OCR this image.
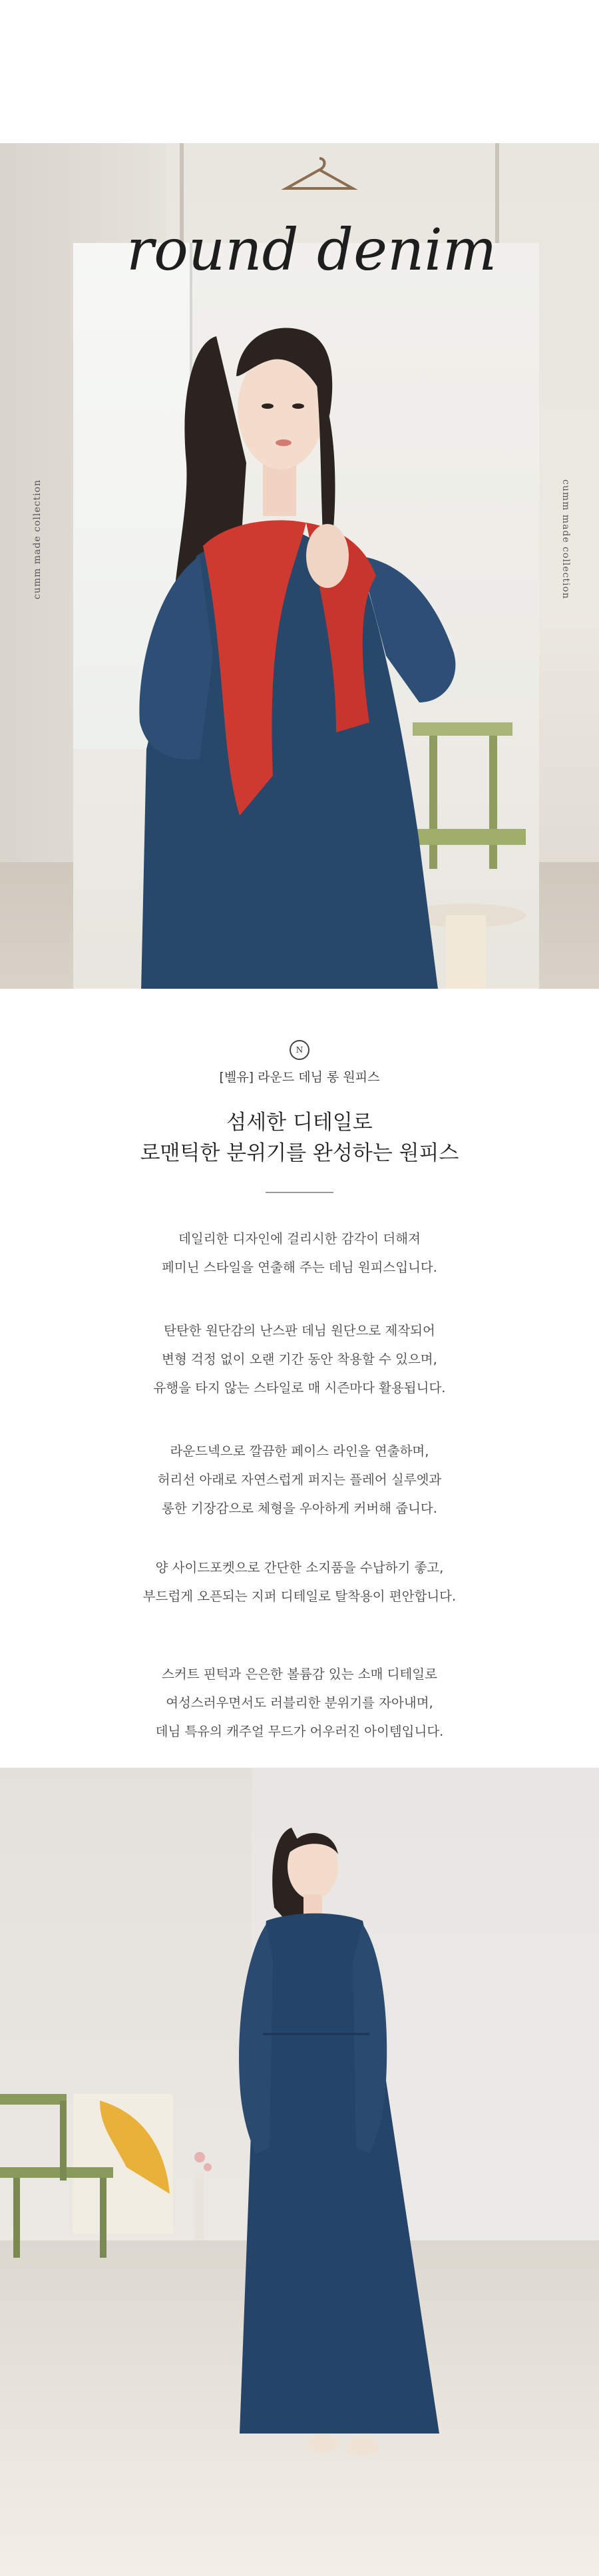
cumm made collection	cumm made collection
round denim
N
[벨유] 라운드 데님 롱 원피스
섬세한 디테일로
로맨틱한 분위기를 완성하는 원피스
데일리한 디자인에 걸리시한 감각이 더해져
페미닌 스타일을 연출해 주는 데님 원피스입니다.
탄탄한 원단감의 난스판 데님 원단으로 제작되어
변형 걱정 없이 오랜 기간 동안 착용할 수 있으며,
유행을 타지 않는 스타일로 매 시즌마다 활용됩니다.
라운드넥으로 깔끔한 페이스 라인을 연출하며,
허리선 아래로 자연스럽게 퍼지는 플레어 실루엣과
롱한 기장감으로 체형을 우아하게 커버해 줍니다.
양 사이드포켓으로 간단한 소지품을 수납하기 좋고,
부드럽게 오픈되는 지퍼 디테일로 탈착용이 편안합니다.
스커트 핀턱과 은은한 볼륨감 있는 소매 디테일로
여성스러우면서도 러블리한 분위기를 자아내며,
데님 특유의 캐주얼 무드가 어우러진 아이템입니다.
